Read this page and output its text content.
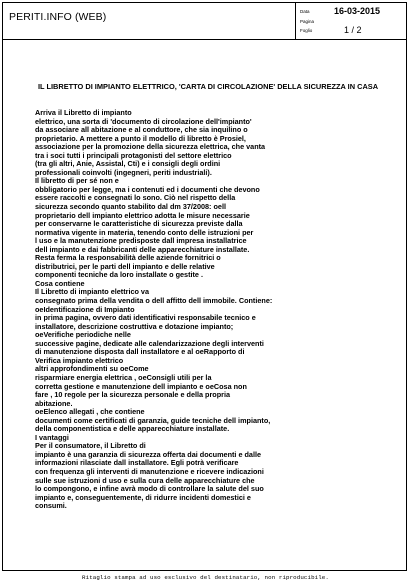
PERITI.INFO (WEB)	Data	16-03-2015
Pagina
Foglio	1 / 2

IL LIBRETTO DI IMPIANTO ELETTRICO, 'CARTA DI CIRCOLAZIONE' DELLA SICUREZZA IN CASA

Arriva il Libretto di impianto
elettrico, una sorta di 'documento di circolazione dell'impianto'
da associare all abitazione e al conduttore, che sia inquilino o
proprietario. A mettere a punto il modello di libretto è Prosiel,
associazione per la promozione della sicurezza elettrica, che vanta
tra i soci tutti i principali protagonisti del settore elettrico
(tra gli altri, Anie, Assistal, Cti) e i consigli degli ordini
professionali coinvolti (ingegneri, periti industriali).
Il libretto di per sé non e
obbligatorio per legge, ma i contenuti ed i documenti che devono
essere raccolti e consegnati lo sono. Ciò nel rispetto della
sicurezza secondo quanto stabilito dal dm 37/2008: oell
proprietario dell impianto elettrico adotta le misure necessarie
per conservarne le caratteristiche di sicurezza previste dalla
normativa vigente in materia, tenendo conto delle istruzioni per
l uso e la manutenzione predisposte dall impresa installatrice
dell impianto e dai fabbricanti delle apparecchiature installate.
Resta ferma la responsabilità delle aziende fornitrici o
distributrici, per le parti dell impianto e delle relative
componenti tecniche da loro installate o gestite .
Cosa contiene
Il Libretto di impianto elettrico va
consegnato prima della vendita o dell affitto dell immobile. Contiene:
oeIdentificazione di Impianto
in prima pagina, ovvero dati identificativi responsabile tecnico e
installatore, descrizione costruttiva e dotazione impianto;
oeVerifiche periodiche nelle
successive pagine, dedicate alle calendarizzazione degli interventi
di manutenzione disposta dall installatore e al oeRapporto di
Verifica impianto elettrico
altri approfondimenti su oeCome
risparmiare energia elettrica , oeConsigli utili per la
corretta gestione e manutenzione dell impianto e oeCosa non
fare , 10 regole per la sicurezza personale e della propria
abitazione.
oeElenco allegati , che contiene
documenti come certificati di garanzia, guide tecniche dell impianto,
della componentistica e delle apparecchiature installate.
I vantaggi
Per il consumatore, il Libretto di
impianto è una garanzia di sicurezza offerta dai documenti e dalle
informazioni rilasciate dall installatore. Egli potrà verificare
con frequenza gli interventi di manutenzione e ricevere indicazioni
sulle sue istruzioni d uso e sulla cura delle apparecchiature che
lo compongono, e infine avrà modo di controllare la salute del suo
impianto e, conseguentemente, di ridurre incidenti domestici e
consumi.
Ritaglio stampa ad uso esclusivo del destinatario, non riproducibile.
